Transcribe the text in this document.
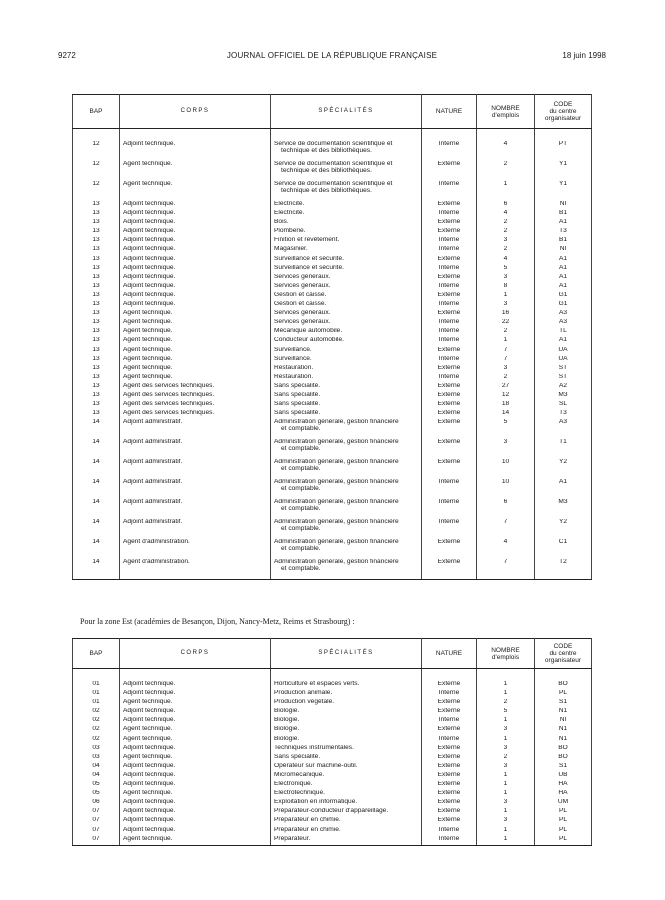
9272	JOURNAL OFFICIEL DE LA RÉPUBLIQUE FRANÇAISE	18 juin 1998
BAP	CORPS	SPÉCIALITÉS	NATURE	NOMBRE
d'emplois	CODE
du centre
organisateur

12	Adjoint technique.	Service de documentation scientifique et
technique et des bibliothèques.	Interne	4	PT
12	Agent technique.	Service de documentation scientifique et
technique et des bibliothèques.	Externe	2	Y1
12	Agent technique.	Service de documentation scientifique et
technique et des bibliothèques.	Interne	1	Y1
13	Adjoint technique.	Electricité.	Externe	6	NI
13	Adjoint technique.	Electricité.	Interne	4	B1
13	Adjoint technique.	Bois.	Externe	2	A1
13	Adjoint technique.	Plomberie.	Externe	2	T3
13	Adjoint technique.	Finition et revêtement.	Interne	3	B1
13	Adjoint technique.	Magasinier.	Interne	2	NI
13	Adjoint technique.	Surveillance et sécurité.	Externe	4	A1
13	Adjoint technique.	Surveillance et sécurité.	Interne	5	A1
13	Adjoint technique.	Services généraux.	Externe	3	A1
13	Adjoint technique.	Services généraux.	Interne	8	A1
13	Adjoint technique.	Gestion et caisse.	Externe	1	G1
13	Adjoint technique.	Gestion et caisse.	Interne	3	G1
13	Agent technique.	Services généraux.	Externe	16	A3
13	Agent technique.	Services généraux.	Interne	22	A3
13	Agent technique.	Mécanique automobile.	Interne	2	TL
13	Agent technique.	Conducteur automobile.	Interne	1	A1
13	Agent technique.	Surveillance.	Externe	7	UA
13	Agent technique.	Surveillance.	Interne	7	UA
13	Agent technique.	Restauration.	Externe	3	ST
13	Agent technique.	Restauration.	Interne	2	ST
13	Agent des services techniques.	Sans spécialité.	Externe	27	A2
13	Agent des services techniques.	Sans spécialité.	Externe	12	M3
13	Agent des services techniques.	Sans spécialité.	Externe	18	SL
13	Agent des services techniques.	Sans spécialité.	Externe	14	T3
14	Adjoint administratif.	Administration générale, gestion financière
et comptable.	Externe	5	A3
14	Adjoint administratif.	Administration générale, gestion financière
et comptable.	Externe	3	T1
14	Adjoint administratif.	Administration générale, gestion financière
et comptable.	Externe	10	Y2
14	Adjoint administratif.	Administration générale, gestion financière
et comptable.	Interne	10	A1
14	Adjoint administratif.	Administration générale, gestion financière
et comptable.	Interne	6	M3
14	Adjoint administratif.	Administration générale, gestion financière
et comptable.	Interne	7	Y2
14	Agent d'administration.	Administration générale, gestion financière
et comptable.	Externe	4	C1
14	Agent d'administration.	Administration générale, gestion financière
et comptable.	Externe	7	T2
Pour la zone Est (académies de Besançon, Dijon, Nancy-Metz, Reims et Strasbourg) :
BAP	CORPS	SPÉCIALITÉS	NATURE	NOMBRE
d'emplois	CODE
du centre
organisateur

01	Adjoint technique.	Horticulture et espaces verts.	Externe	1	BO
01	Adjoint technique.	Production animale.	Interne	1	PL
01	Agent technique.	Production végétale.	Externe	2	S1
02	Adjoint technique.	Biologie.	Externe	5	N1
02	Adjoint technique.	Biologie.	Interne	1	NI
02	Agent technique.	Biologie.	Externe	3	N1
02	Agent technique.	Biologie.	Interne	1	N1
03	Adjoint technique.	Techniques instrumentales.	Externe	3	BO
03	Agent technique.	Sans spécialité.	Externe	2	BO
04	Adjoint technique.	Opérateur sur machine-outil.	Externe	3	S1
04	Adjoint technique.	Micromécanique.	Externe	1	UB
05	Adjoint technique.	Electronique.	Externe	1	HA
05	Agent technique.	Electrotechnique.	Externe	1	HA
06	Adjoint technique.	Exploitation en informatique.	Externe	3	UM
07	Adjoint technique.	Préparateur-conducteur d'appareillage.	Externe	1	PL
07	Adjoint technique.	Préparateur en chimie.	Externe	3	PL
07	Adjoint technique.	Préparateur en chimie.	Interne	1	PL
07	Agent technique.	Préparateur.	Interne	1	PL
